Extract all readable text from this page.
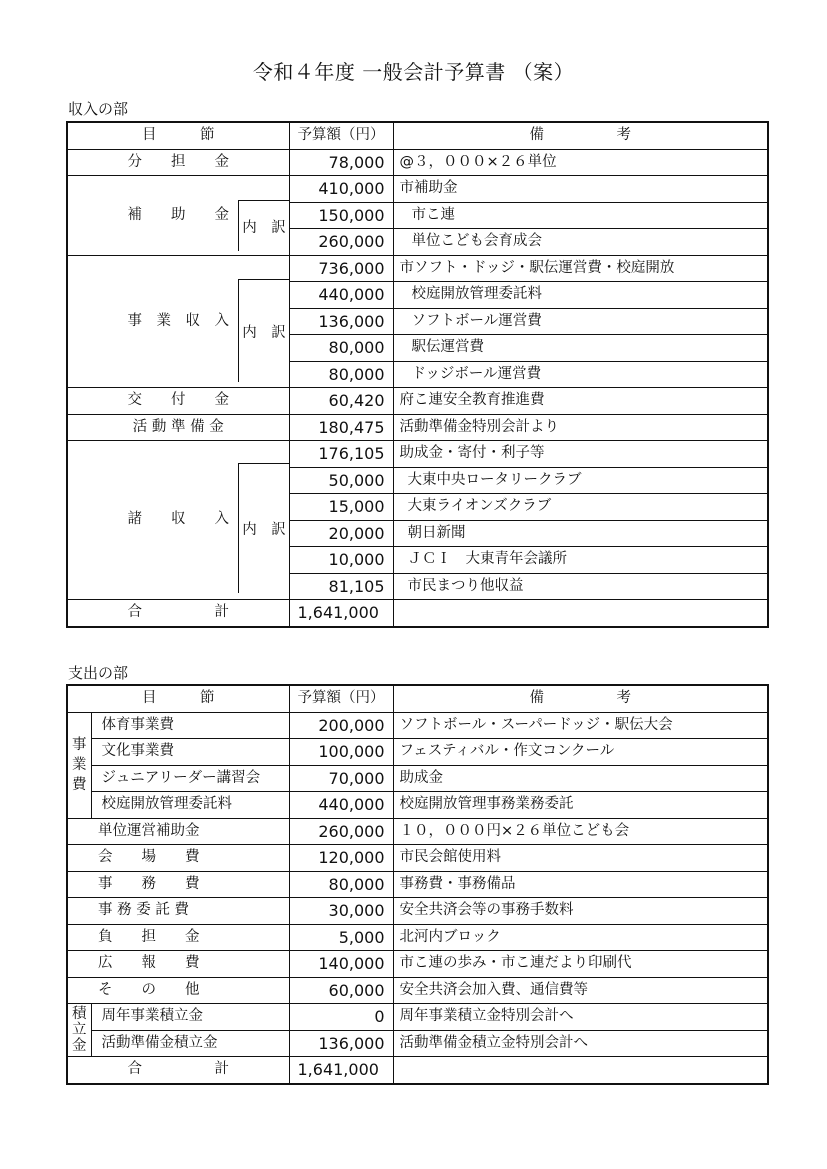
令和４年度 一般会計予算書 （案）
収入の部
目　　　節	予算額（円）	備　　　　　考
分　　担　　金	78,000	@３，０００×２６単位
補　　助　　金	410,000	市補助金
	150,000	市こ連
	260,000	単位こども会育成会
事　業　収　入	736,000	市ソフト・ドッジ・駅伝運営費・校庭開放
	440,000	校庭開放管理委託料
	136,000	ソフトボール運営費
	80,000	駅伝運営費
	80,000	ドッジボール運営費
交　　付　　金	60,420	府こ連安全教育推進費
活 動 準 備 金	180,475	活動準備金特別会計より
諸　　収　　入	176,105	助成金・寄付・利子等
	50,000	大東中央ロータリークラブ
	15,000	大東ライオンズクラブ
	20,000	朝日新聞
	10,000	ＪＣＩ　大東青年会議所
	81,105	市民まつり他収益
合　　　　　計	1,641,000	
内　訳
内　訳
内　訳
支出の部
目　　　節		予算額（円）	備　　　　　考

事
業
費	体育事業費	200,000	ソフトボール・スーパードッジ・駅伝大会
	文化事業費	100,000	フェスティバル・作文コンクール
	ジュニアリーダー講習会	70,000	助成金
	校庭開放管理委託料	440,000	校庭開放管理事務業務委託
単位運営補助金		260,000	１０，０００円×２６単位こども会
会　　場　　費		120,000	市民会館使用料
事　　務　　費		80,000	事務費・事務備品
事 務 委 託 費		30,000	安全共済会等の事務手数料
負　　担　　金		5,000	北河内ブロック
広　　報　　費		140,000	市こ連の歩み・市こ連だより印刷代
そ　　の　　他		60,000	安全共済会加入費、通信費等

積
立
金	周年事業積立金	0	周年事業積立金特別会計へ
	活動準備金積立金	136,000	活動準備金積立金特別会計へ
合　　　　　計		1,641,000	
